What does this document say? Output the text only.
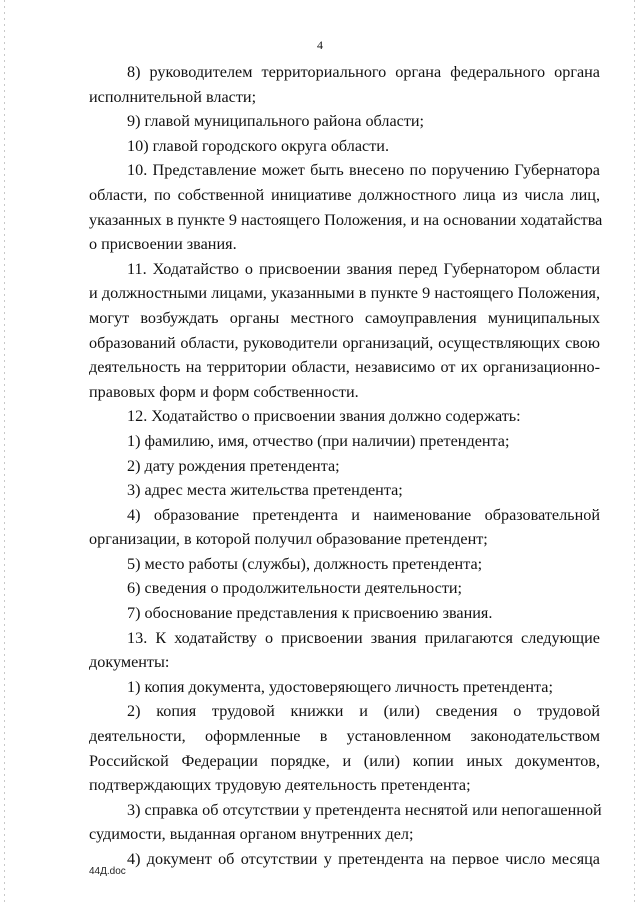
4
8) руководителем территориального органа федерального органа
исполнительной власти;
9) главой муниципального района области;
10) главой городского округа области.
10. Представление может быть внесено по поручению Губернатора
области, по собственной инициативе должностного лица из числа лиц,
указанных в пункте 9 настоящего Положения, и на основании ходатайства
о присвоении звания.
11. Ходатайство о присвоении звания перед Губернатором области
и должностными лицами, указанными в пункте 9 настоящего Положения,
могут возбуждать органы местного самоуправления муниципальных
образований области, руководители организаций, осуществляющих свою
деятельность на территории области, независимо от их организационно-
правовых форм и форм собственности.
12. Ходатайство о присвоении звания должно содержать:
1) фамилию, имя, отчество (при наличии) претендента;
2) дату рождения претендента;
3) адрес места жительства претендента;
4) образование претендента и наименование образовательной
организации, в которой получил образование претендент;
5) место работы (службы), должность претендента;
6) сведения о продолжительности деятельности;
7) обоснование представления к присвоению звания.
13. К ходатайству о присвоении звания прилагаются следующие
документы:
1) копия документа, удостоверяющего личность претендента;
2) копия трудовой книжки и (или) сведения о трудовой
деятельности, оформленные в установленном законодательством
Российской Федерации порядке, и (или) копии иных документов,
подтверждающих трудовую деятельность претендента;
3) справка об отсутствии у претендента неснятой или непогашенной
судимости, выданная органом внутренних дел;
4) документ об отсутствии у претендента на первое число месяца
44Д.doc
